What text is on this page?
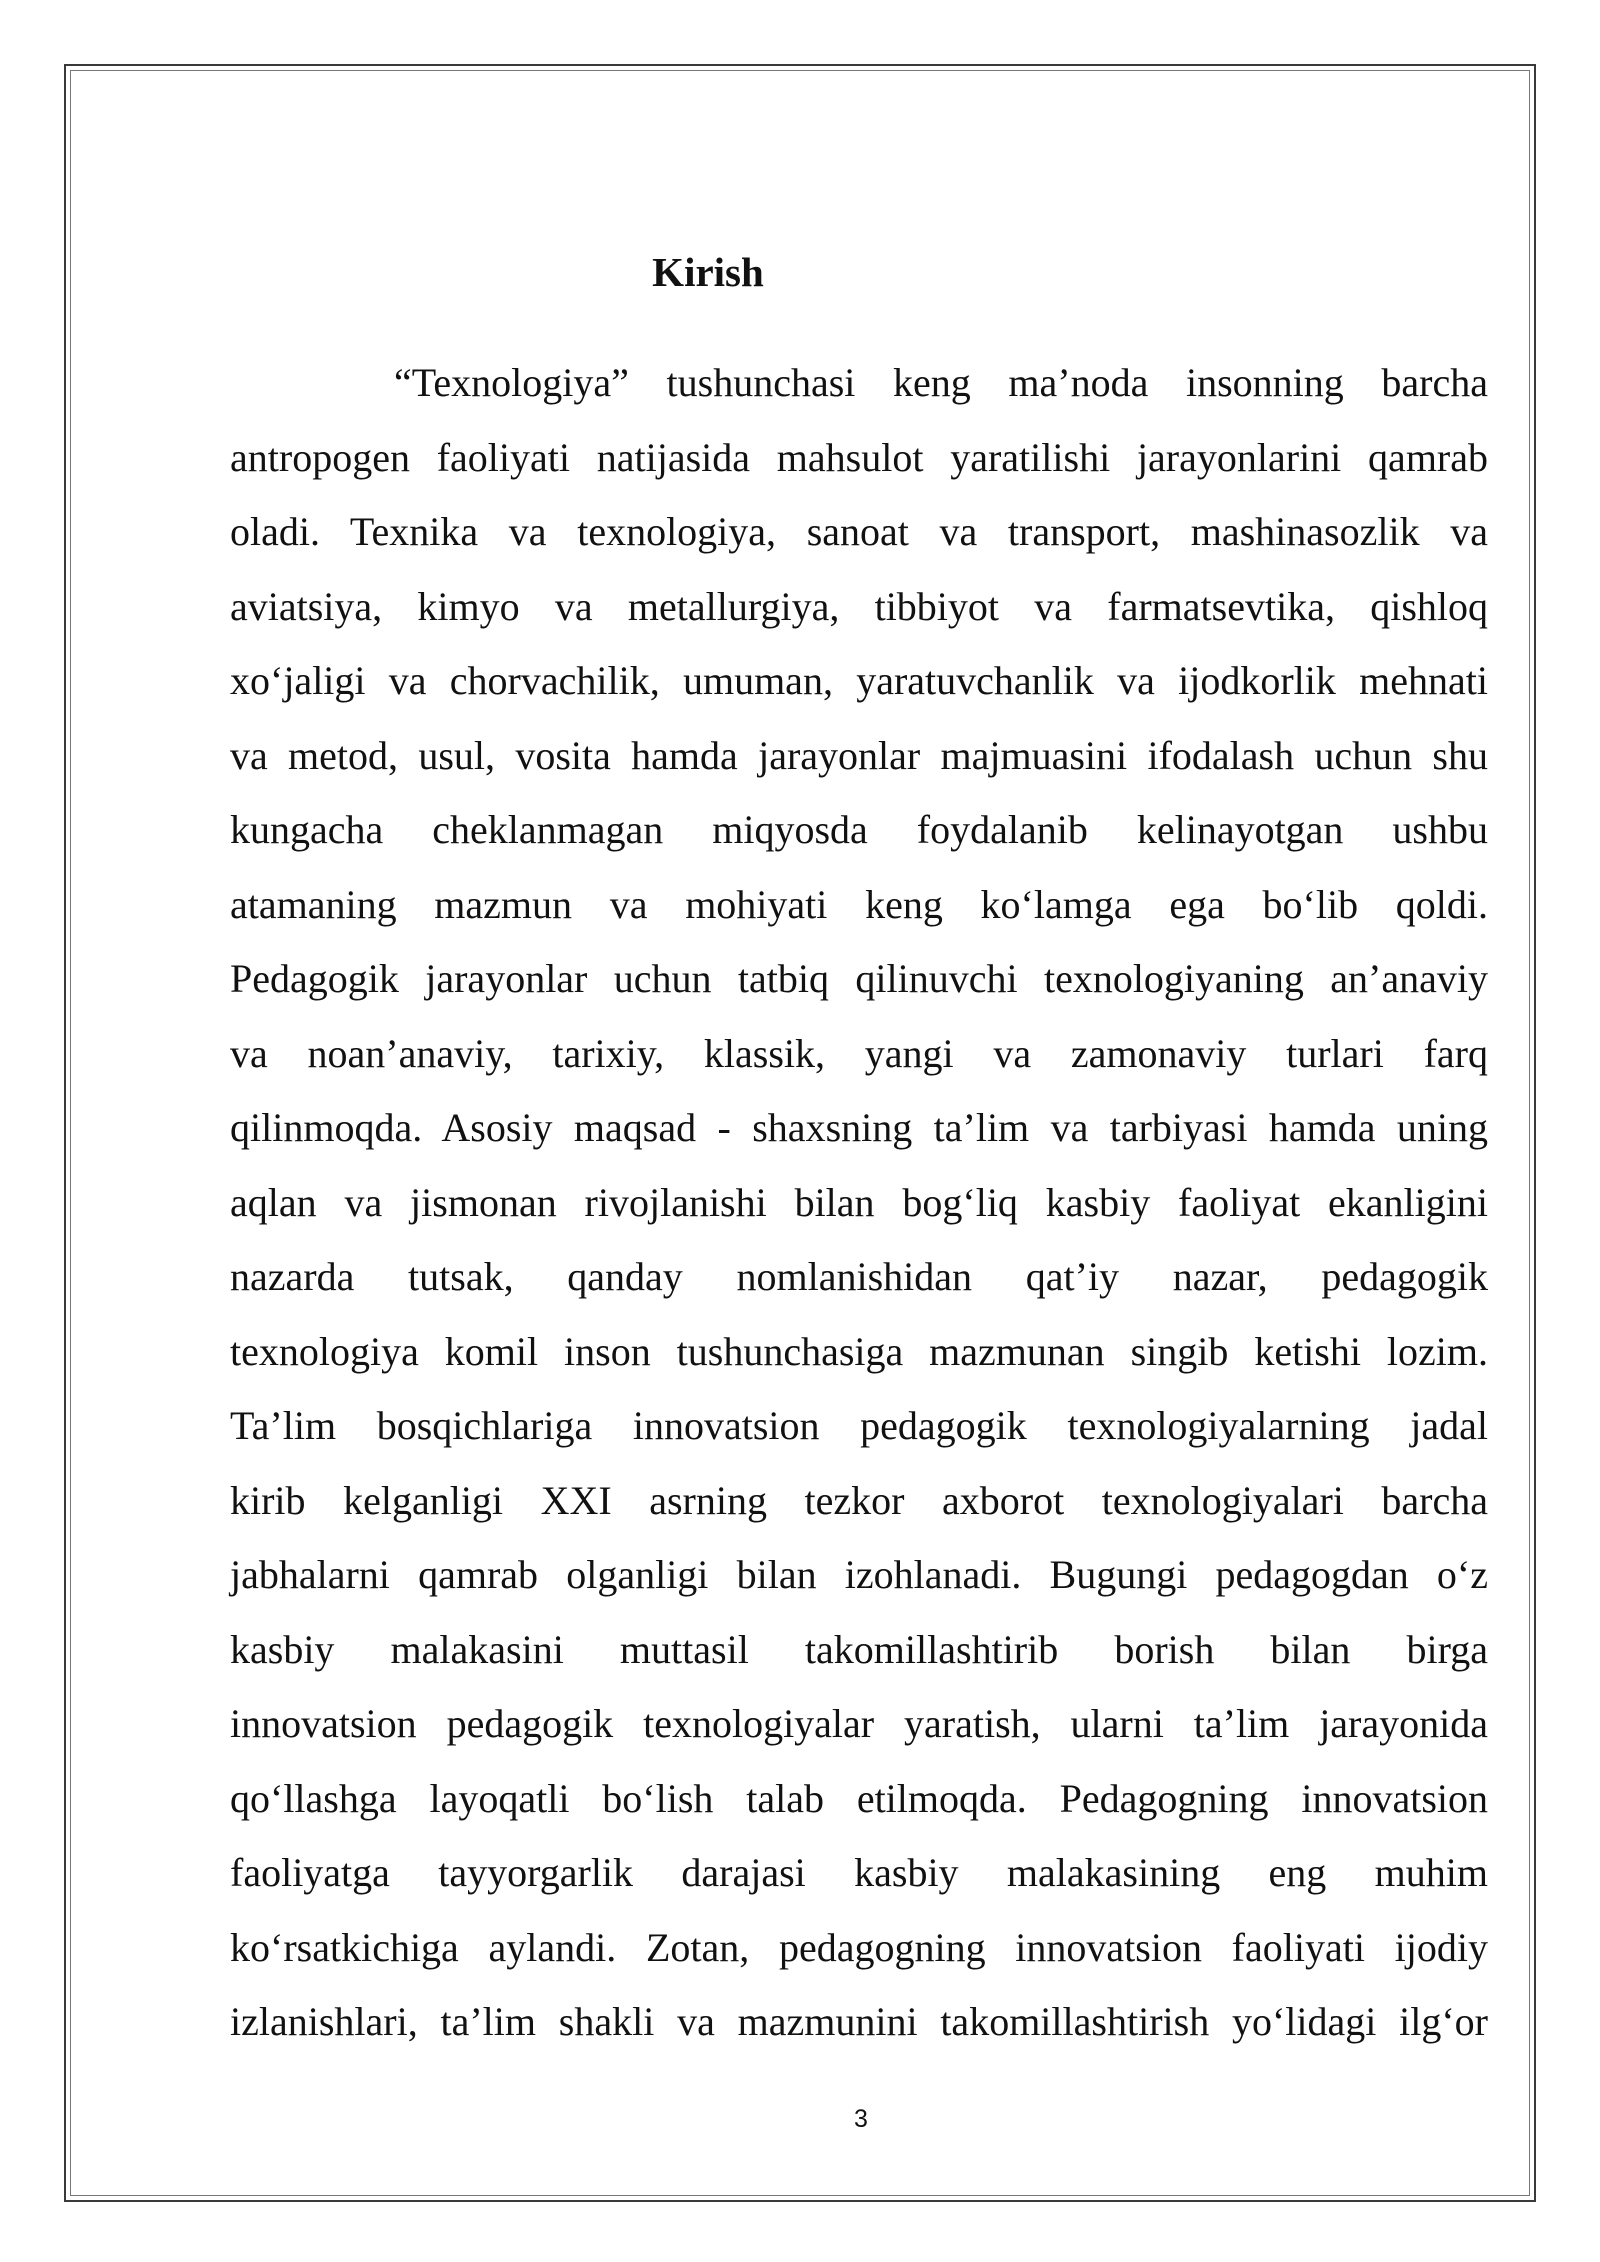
Kirish
“Texnologiya” tushunchasi keng ma’noda insonning barcha
antropogen faoliyati natijasida mahsulot yaratilishi jarayonlarini qamrab
oladi. Texnika va texnologiya, sanoat va transport, mashinasozlik va
aviatsiya, kimyo va metallurgiya, tibbiyot va farmatsevtika, qishloq
xo‘jaligi va chorvachilik, umuman, yaratuvchanlik va ijodkorlik mehnati
va metod, usul, vosita hamda jarayonlar majmuasini ifodalash uchun shu
kungacha cheklanmagan miqyosda foydalanib kelinayotgan ushbu
atamaning mazmun va mohiyati keng ko‘lamga ega bo‘lib qoldi.
Pedagogik jarayonlar uchun tatbiq qilinuvchi texnologiyaning an’anaviy
va noan’anaviy, tarixiy, klassik, yangi va zamonaviy turlari farq
qilinmoqda. Asosiy maqsad - shaxsning ta’lim va tarbiyasi hamda uning
aqlan va jismonan rivojlanishi bilan bog‘liq kasbiy faoliyat ekanligini
nazarda tutsak, qanday nomlanishidan qat’iy nazar, pedagogik
texnologiya komil inson tushunchasiga mazmunan singib ketishi lozim.
Ta’lim bosqichlariga innovatsion pedagogik texnologiyalarning jadal
kirib kelganligi XXI asrning tezkor axborot texnologiyalari barcha
jabhalarni qamrab olganligi bilan izohlanadi. Bugungi pedagogdan o‘z
kasbiy malakasini muttasil takomillashtirib borish bilan birga
innovatsion pedagogik texnologiyalar yaratish, ularni ta’lim jarayonida
qo‘llashga layoqatli bo‘lish talab etilmoqda. Pedagogning innovatsion
faoliyatga tayyorgarlik darajasi kasbiy malakasining eng muhim
ko‘rsatkichiga aylandi. Zotan, pedagogning innovatsion faoliyati ijodiy
izlanishlari, ta’lim shakli va mazmunini takomillashtirish yo‘lidagi ilg‘or
3
